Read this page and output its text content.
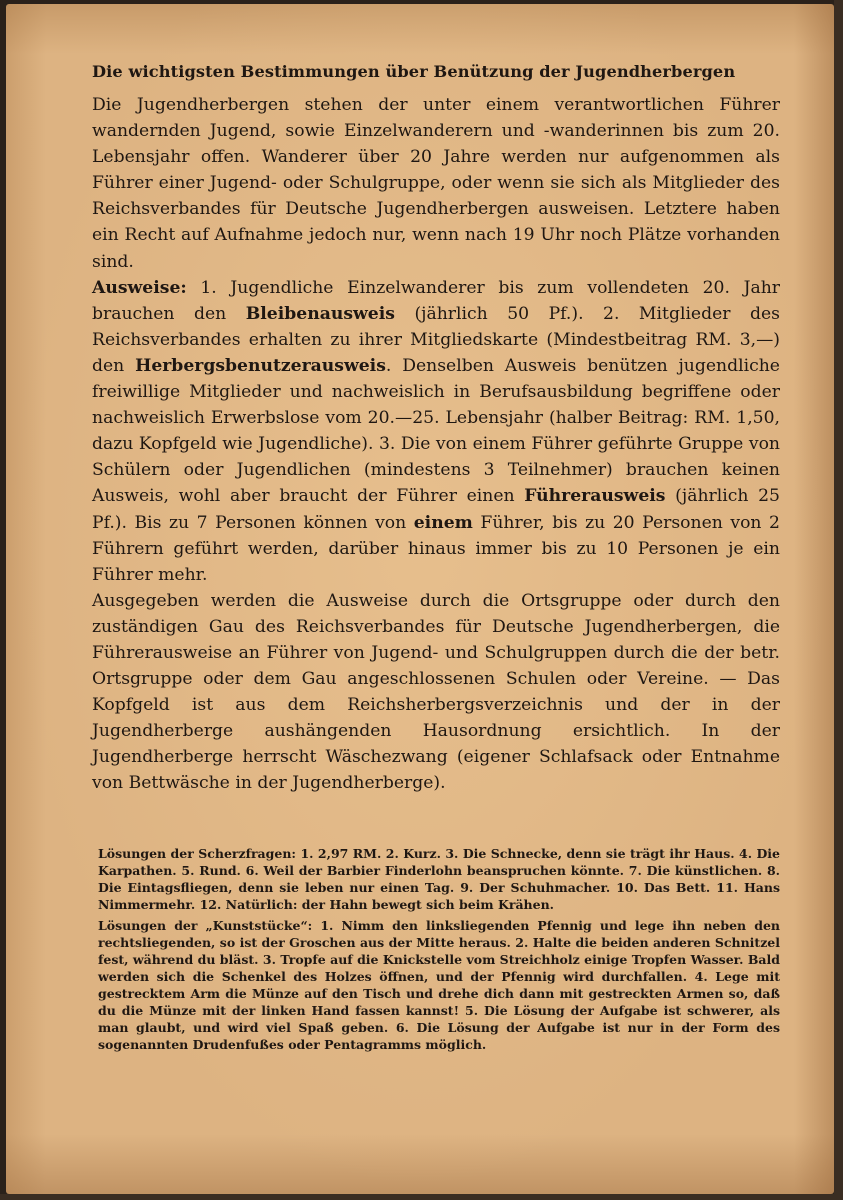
Die wichtigsten Bestimmungen über Benützung der Jugendherbergen

Die Jugendherbergen stehen der unter einem verantwortlichen Führer wandernden Jugend, sowie Einzelwanderern und -wanderinnen bis zum 20. Lebensjahr offen. Wanderer über 20 Jahre werden nur aufgenommen als Führer einer Jugend- oder Schulgruppe, oder wenn sie sich als Mitglieder des Reichsverbandes für Deutsche Jugendherbergen ausweisen. Letztere haben ein Recht auf Aufnahme jedoch nur, wenn nach 19 Uhr noch Plätze vorhanden sind.

Ausweise: 1. Jugendliche Einzelwanderer bis zum vollendeten 20. Jahr brauchen den Bleibenausweis (jährlich 50 Pf.). 2. Mitglieder des Reichsverbandes erhalten zu ihrer Mitgliedskarte (Mindestbeitrag RM. 3,—) den Herbergsbenutzerausweis. Denselben Ausweis benützen jugendliche freiwillige Mitglieder und nachweislich in Berufsausbildung begriffene oder nachweislich Erwerbslose vom 20.—25. Lebensjahr (halber Beitrag: RM. 1,50, dazu Kopfgeld wie Jugendliche). 3. Die von einem Führer geführte Gruppe von Schülern oder Jugendlichen (mindestens 3 Teilnehmer) brauchen keinen Ausweis, wohl aber braucht der Führer einen Führerausweis (jährlich 25 Pf.). Bis zu 7 Personen können von einem Führer, bis zu 20 Personen von 2 Führern geführt werden, darüber hinaus immer bis zu 10 Personen je ein Führer mehr.

Ausgegeben werden die Ausweise durch die Ortsgruppe oder durch den zuständigen Gau des Reichsverbandes für Deutsche Jugendherbergen, die Führerausweise an Führer von Jugend- und Schulgruppen durch die der betr. Ortsgruppe oder dem Gau angeschlossenen Schulen oder Vereine. — Das Kopfgeld ist aus dem Reichsherbergsverzeichnis und der in der Jugendherberge aushängenden Hausordnung ersichtlich. In der Jugendherberge herrscht Wäschezwang (eigener Schlafsack oder Entnahme von Bettwäsche in der Jugendherberge).

Lösungen der Scherzfragen: 1. 2,97 RM. 2. Kurz. 3. Die Schnecke, denn sie trägt ihr Haus. 4. Die Karpathen. 5. Rund. 6. Weil der Barbier Finderlohn beanspruchen könnte. 7. Die künstlichen. 8. Die Eintagsfliegen, denn sie leben nur einen Tag. 9. Der Schuhmacher. 10. Das Bett. 11. Hans Nimmermehr. 12. Natürlich: der Hahn bewegt sich beim Krähen.

Lösungen der „Kunststücke“: 1. Nimm den linksliegenden Pfennig und lege ihn neben den rechtsliegenden, so ist der Groschen aus der Mitte heraus. 2. Halte die beiden anderen Schnitzel fest, während du bläst. 3. Tropfe auf die Knickstelle vom Streichholz einige Tropfen Wasser. Bald werden sich die Schenkel des Holzes öffnen, und der Pfennig wird durchfallen. 4. Lege mit gestrecktem Arm die Münze auf den Tisch und drehe dich dann mit gestreckten Armen so, daß du die Münze mit der linken Hand fassen kannst! 5. Die Lösung der Aufgabe ist schwerer, als man glaubt, und wird viel Spaß geben. 6. Die Lösung der Aufgabe ist nur in der Form des sogenannten Drudenfußes oder Pentagramms möglich.
